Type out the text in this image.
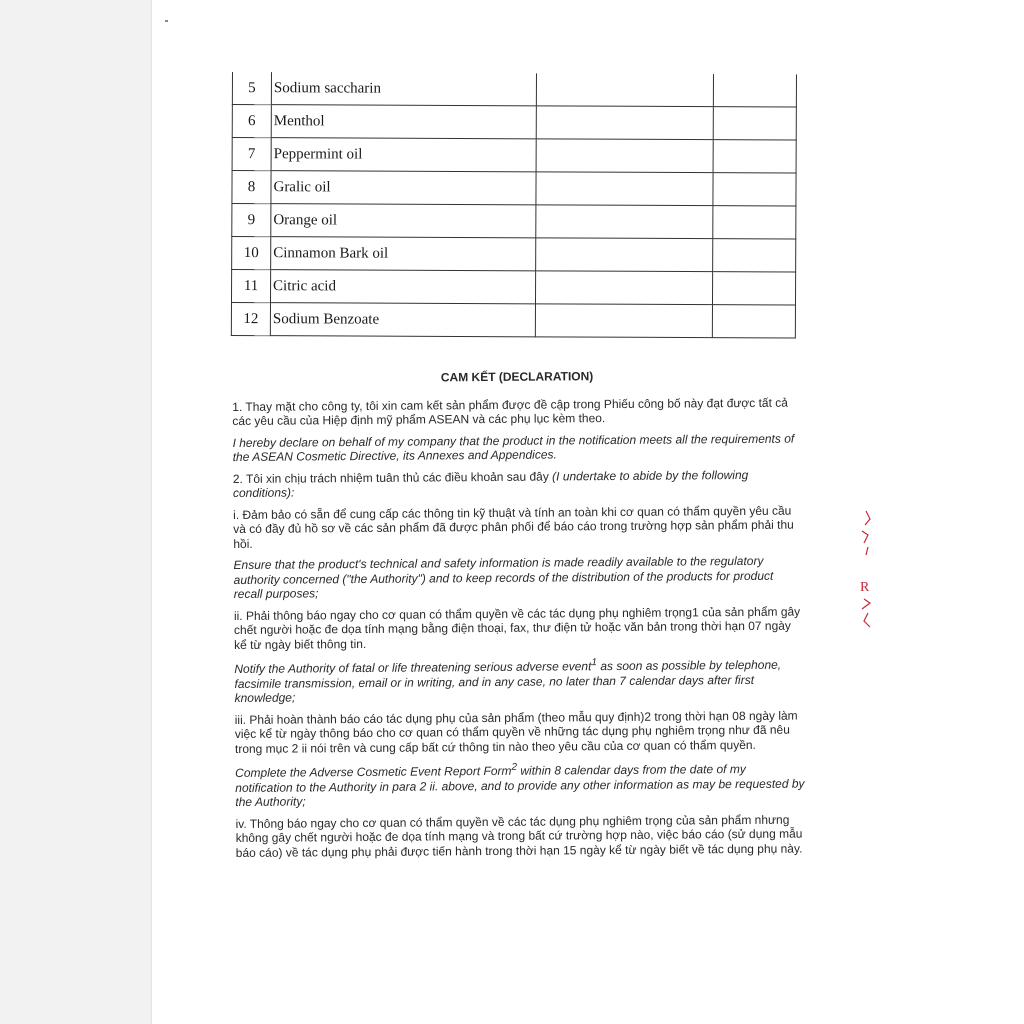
5	Sodium saccharin		
6	Menthol		
7	Peppermint oil		
8	Gralic oil		
9	Orange oil		
10	Cinnamon Bark oil		
11	Citric acid		
12	Sodium Benzoate		
CAM KẾT (DECLARATION)

1. Thay mặt cho công ty, tôi xin cam kết sản phẩm được đề cập trong Phiếu công bố này đạt được tất cả các yêu cầu của Hiệp định mỹ phẩm ASEAN và các phụ lục kèm theo.

I hereby declare on behalf of my company that the product in the notification meets all the requirements of the ASEAN Cosmetic Directive, its Annexes and Appendices.

2. Tôi xin chịu trách nhiệm tuân thủ các điều khoản sau đây (I undertake to abide by the following conditions):

i. Đảm bảo có sẵn để cung cấp các thông tin kỹ thuật và tính an toàn khi cơ quan có thẩm quyền yêu cầu và có đầy đủ hồ sơ về các sản phẩm đã được phân phối để báo cáo trong trường hợp sản phẩm phải thu hồi.

Ensure that the product's technical and safety information is made readily available to the regulatory authority concerned ("the Authority") and to keep records of the distribution of the products for product recall purposes;

ii. Phải thông báo ngay cho cơ quan có thẩm quyền về các tác dụng phụ nghiêm trọng1 của sản phẩm gây chết người hoặc đe dọa tính mạng bằng điện thoại, fax, thư điện tử hoặc văn bản trong thời hạn 07 ngày kể từ ngày biết thông tin.

Notify the Authority of fatal or life threatening serious adverse event$^1$ as soon as possible by telephone, facsimile transmission, email or in writing, and in any case, no later than 7 calendar days after first knowledge;

iii. Phải hoàn thành báo cáo tác dụng phụ của sản phẩm (theo mẫu quy định)2 trong thời hạn 08 ngày làm việc kể từ ngày thông báo cho cơ quan có thẩm quyền về những tác dụng phụ nghiêm trọng như đã nêu trong mục 2 ii nói trên và cung cấp bất cứ thông tin nào theo yêu cầu của cơ quan có thẩm quyền.

Complete the Adverse Cosmetic Event Report Form$^2$ within 8 calendar days from the date of my notification to the Authority in para 2 ii. above, and to provide any other information as may be requested by the Authority;

iv. Thông báo ngay cho cơ quan có thẩm quyền về các tác dụng phụ nghiêm trọng của sản phẩm nhưng không gây chết người hoặc đe dọa tính mạng và trong bất cứ trường hợp nào, việc báo cáo (sử dụng mẫu báo cáo) về tác dụng phụ phải được tiến hành trong thời hạn 15 ngày kể từ ngày biết về tác dụng phụ này.

R
